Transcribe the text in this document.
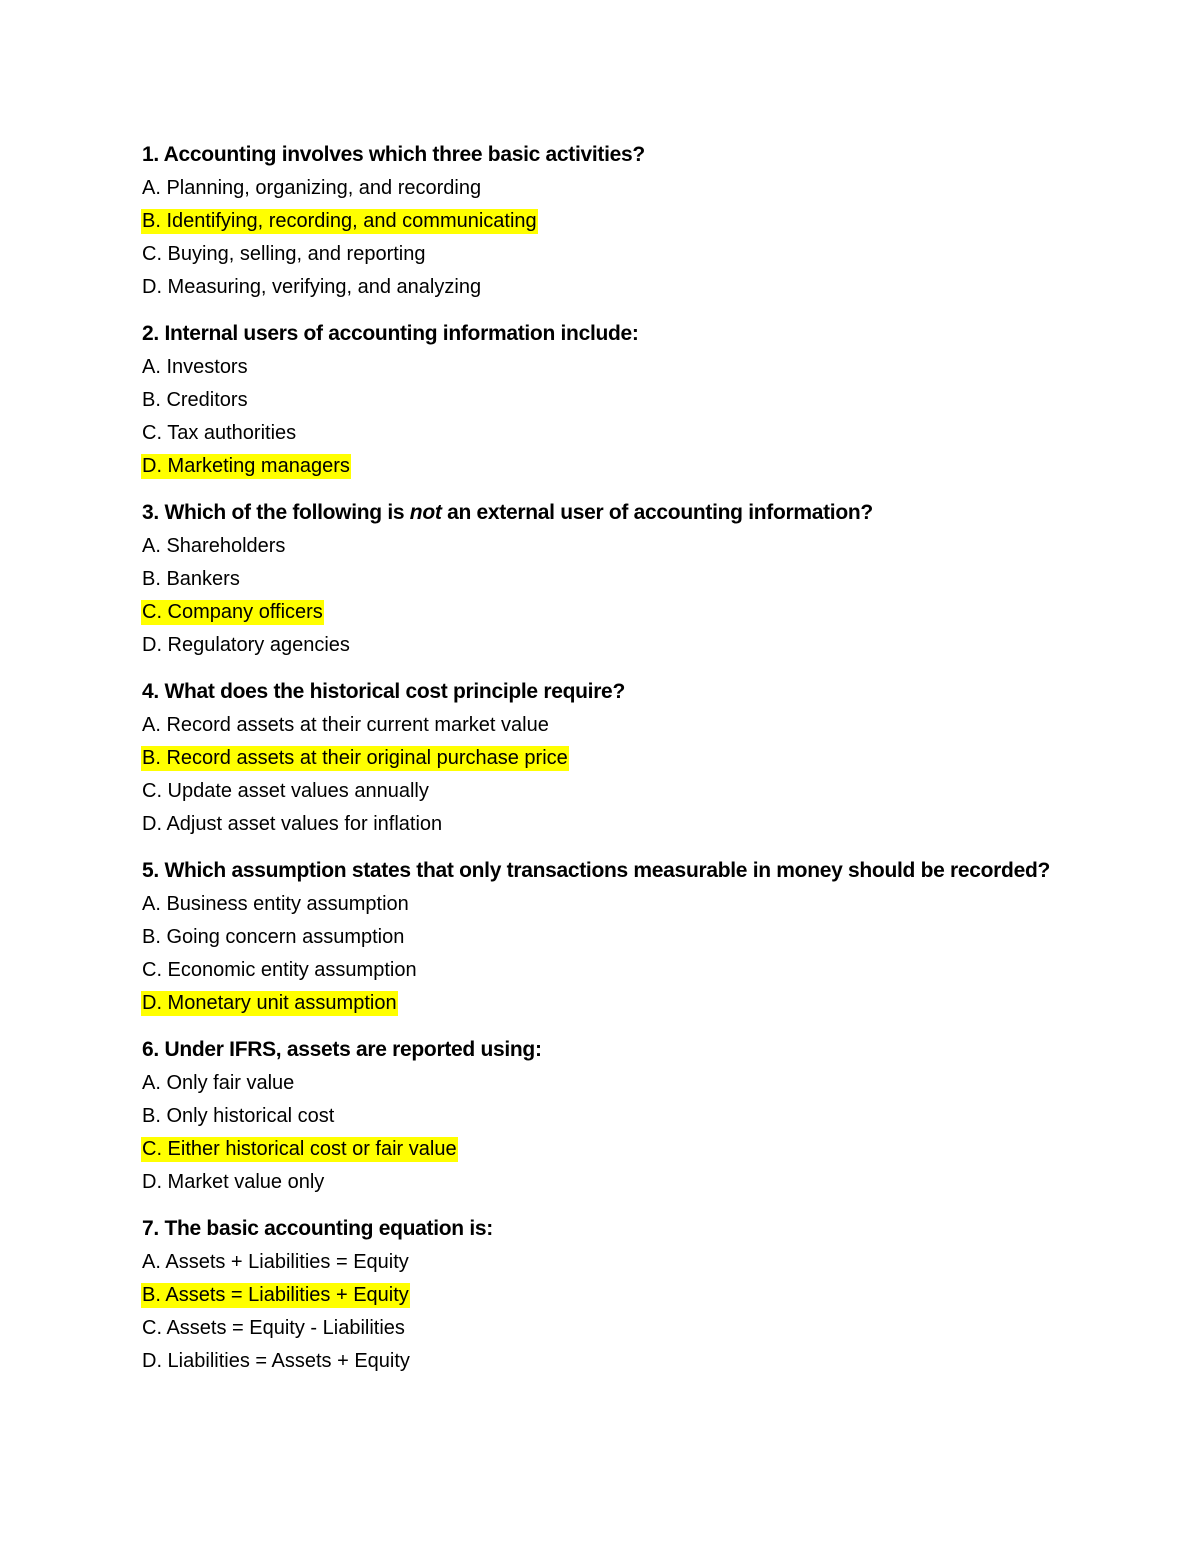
1. Accounting involves which three basic activities?
A. Planning, organizing, and recording
B. Identifying, recording, and communicating
C. Buying, selling, and reporting
D. Measuring, verifying, and analyzing
2. Internal users of accounting information include:
A. Investors
B. Creditors
C. Tax authorities
D. Marketing managers
3. Which of the following is not an external user of accounting information?
A. Shareholders
B. Bankers
C. Company officers
D. Regulatory agencies
4. What does the historical cost principle require?
A. Record assets at their current market value
B. Record assets at their original purchase price
C. Update asset values annually
D. Adjust asset values for inflation
5. Which assumption states that only transactions measurable in money should be recorded?
A. Business entity assumption
B. Going concern assumption
C. Economic entity assumption
D. Monetary unit assumption
6. Under IFRS, assets are reported using:
A. Only fair value
B. Only historical cost
C. Either historical cost or fair value
D. Market value only
7. The basic accounting equation is:
A. Assets + Liabilities = Equity
B. Assets = Liabilities + Equity
C. Assets = Equity - Liabilities
D. Liabilities = Assets + Equity
